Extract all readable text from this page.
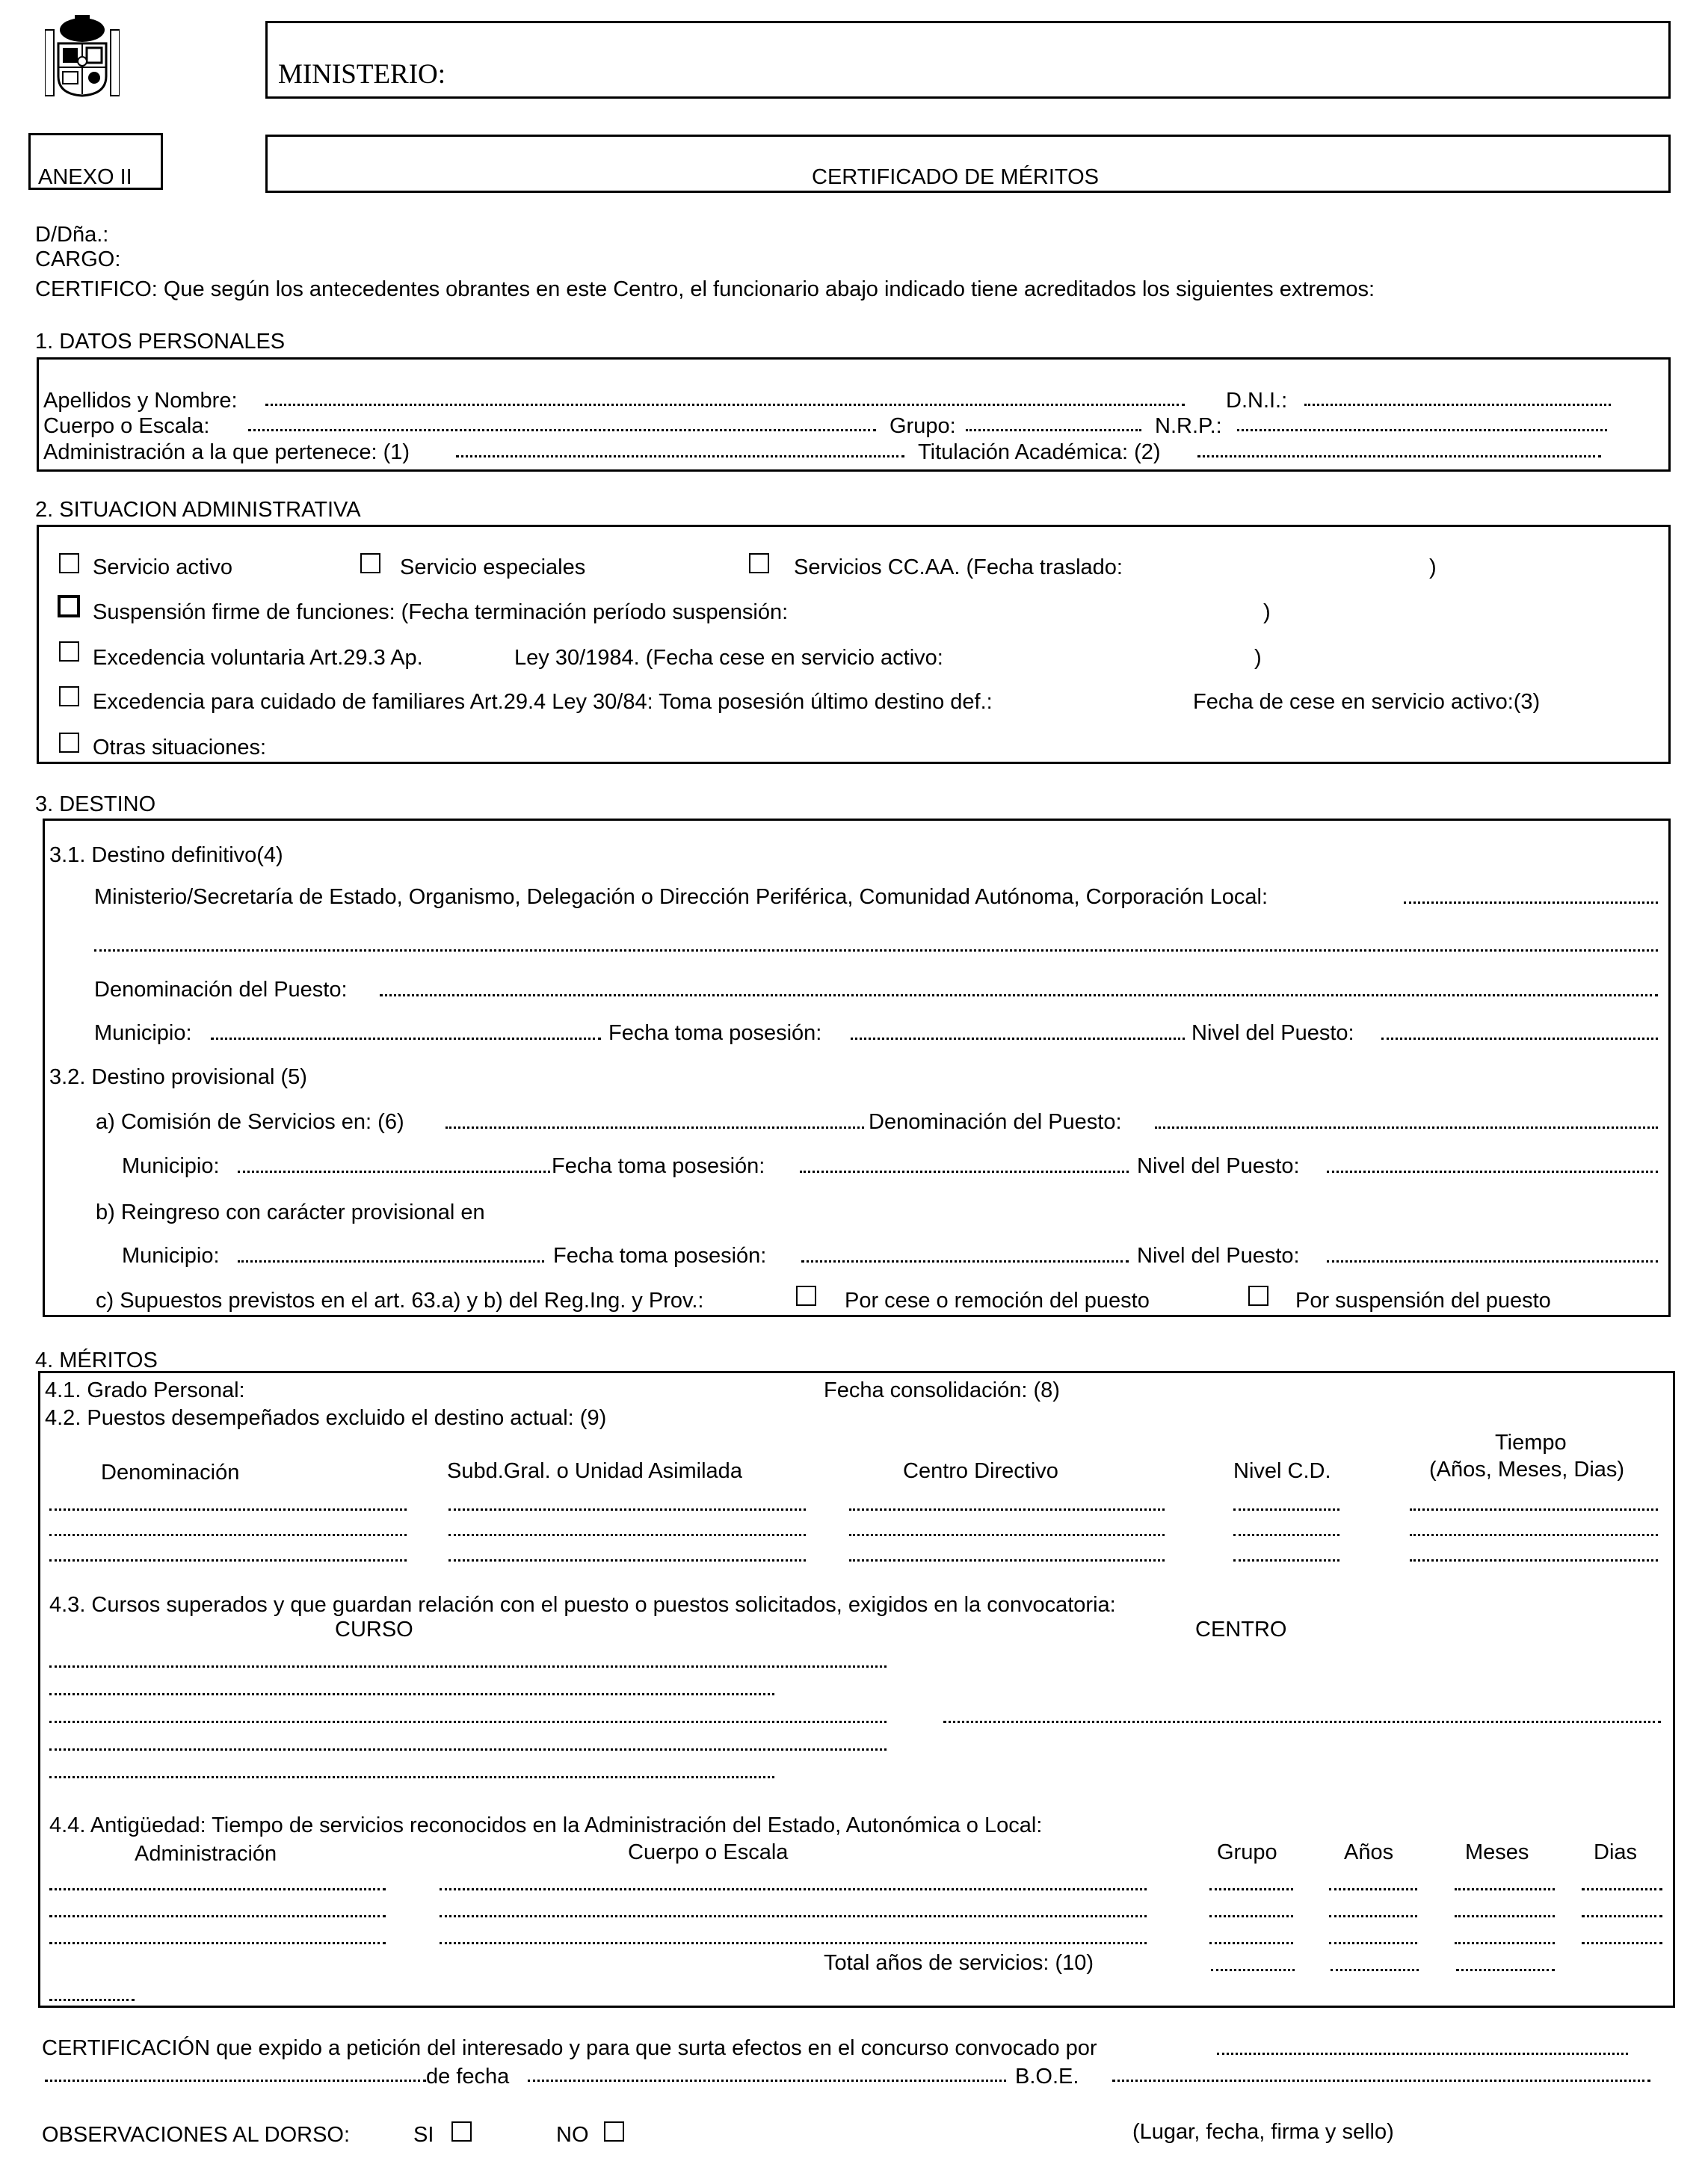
MINISTERIO:
ANEXO II	CERTIFICADO DE MÉRITOS
D/Dña.:
CARGO:
CERTIFICO: Que según los antecedentes obrantes en este Centro, el funcionario abajo indicado tiene acreditados los siguientes extremos:
1. DATOS PERSONALES
Apellidos y Nombre:	D.N.I.:
Cuerpo o Escala:	Grupo:	N.R.P.:
Administración a la que pertenece: (1)	Titulación Académica: (2)
2. SITUACION ADMINISTRATIVA
Servicio activo	Servicio especiales	Servicios CC.AA. (Fecha traslado:	)
Suspensión firme de funciones: (Fecha terminación período suspensión:	)
Excedencia voluntaria Art.29.3 Ap.	Ley 30/1984. (Fecha cese en servicio activo:	)
Excedencia para cuidado de familiares Art.29.4 Ley 30/84: Toma posesión último destino def.:	Fecha de cese en servicio activo:(3)
Otras situaciones:
3. DESTINO
3.1. Destino definitivo(4)
Ministerio/Secretaría de Estado, Organismo, Delegación o Dirección Periférica, Comunidad Autónoma, Corporación Local:
Denominación del Puesto:
Municipio:	Fecha toma posesión:	Nivel del Puesto:
3.2. Destino provisional (5)
a) Comisión de Servicios en: (6)	Denominación del Puesto:
Municipio:	Fecha toma posesión:	Nivel del Puesto:
b) Reingreso con carácter provisional en
Municipio:	Fecha toma posesión:	Nivel del Puesto:
c) Supuestos previstos en el art. 63.a) y b) del Reg.Ing. y Prov.:	Por cese o remoción del puesto	Por suspensión del puesto
4. MÉRITOS
4.1. Grado Personal:	Fecha consolidación: (8)
4.2. Puestos desempeñados excluido el destino actual: (9)
Denominación	Subd.Gral. o Unidad Asimilada	Centro Directivo	Nivel C.D.
Tiempo
(Años, Meses, Dias)
4.3. Cursos superados y que guardan relación con el puesto o puestos solicitados, exigidos en la convocatoria:
CURSO	CENTRO
4.4. Antigüedad: Tiempo de servicios reconocidos en la Administración del Estado, Autonómica o Local:
Administración	Cuerpo o Escala	Grupo	Años	Meses	Dias
Total años de servicios: (10)
CERTIFICACIÓN que expido a petición del interesado y para que surta efectos en el concurso convocado por
de fecha	B.O.E.
OBSERVACIONES AL DORSO:	SI	NO	(Lugar, fecha, firma y sello)
